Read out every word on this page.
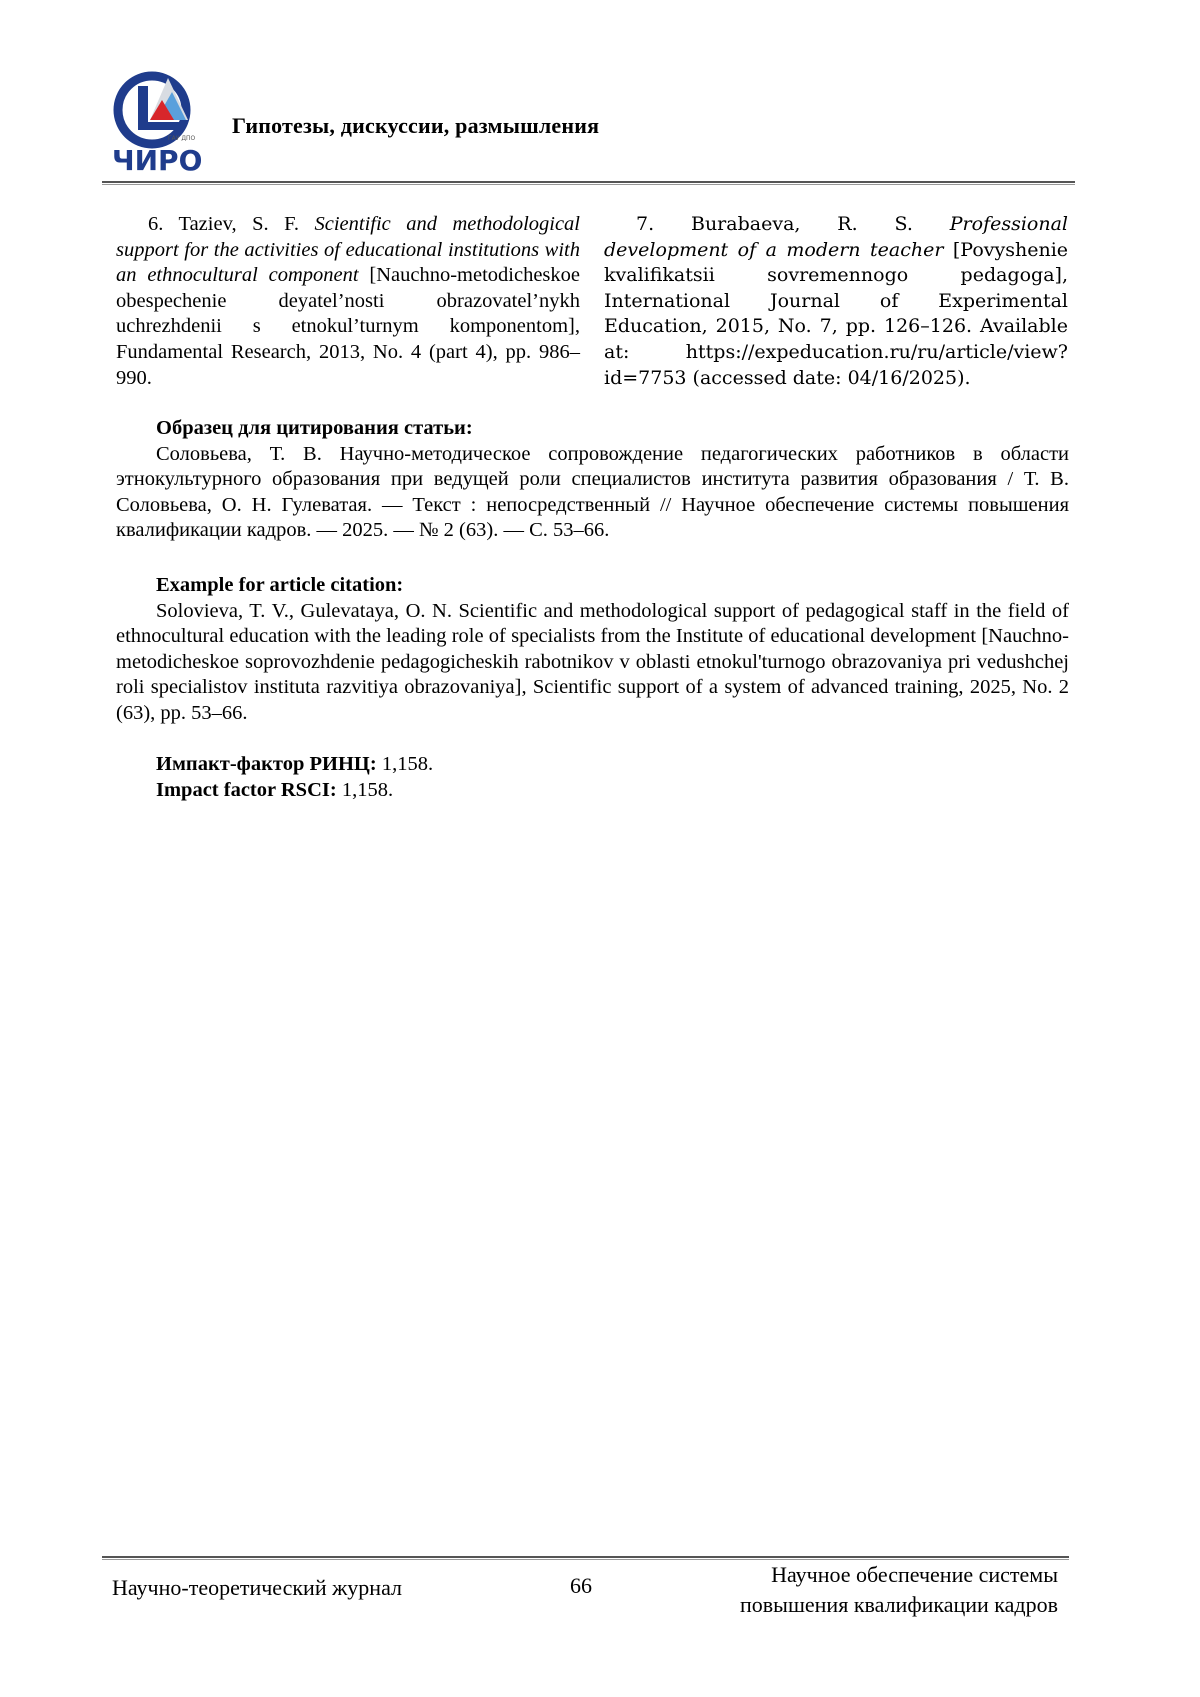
ГАУ ДПО
ЧИРО
Гипотезы, дискуссии, размышления

6. Taziev, S. F. Scientific and methodological support for the activities of educational institutions with an ethnocultural component [Nauchno-metodicheskoe obespechenie deyatel’nosti obrazovatel’nykh uchrezhdenii s etnokul’turnym komponentom], Fundamental Research, 2013, No. 4 (part 4), pp. 986–990.

7. Burabaeva, R. S. Professional development of a modern teacher [Povyshenie kvalifikatsii sovremennogo pedagoga], International Journal of Experimental Education, 2015, No. 7, pp. 126–126. Available at: https://expeducation.ru/ru/article/view?id=7753 (accessed date: 04/16/2025).

Образец для цитирования статьи:

Соловьева, Т. В. Научно-методическое сопровождение педагогических работников в области этнокультурного образования при ведущей роли специалистов института развития образования / Т. В. Соловьева, О. Н. Гулеватая. — Текст : непосредственный // Научное обеспечение системы повышения квалификации кадров. — 2025. — № 2 (63). — С. 53–66.

Example for article citation:

Solovieva, T. V., Gulevataya, O. N. Scientific and methodological support of pedagogical staff in the field of ethnocultural education with the leading role of specialists from the Institute of educational development [Nauchno-metodicheskoe soprovozhdenie pedagogicheskih rabotnikov v oblasti etnokul'turnogo obrazovaniya pri vedushchej roli specialistov instituta razvitiya obrazovaniya], Scientific support of a system of advanced training, 2025, No. 2 (63), pp. 53–66.

Импакт-фактор РИНЦ: 1,158.
Impact factor RSCI: 1,158.
Научно-теоретический журнал	66	Научное обеспечение системы
повышения квалификации кадров
